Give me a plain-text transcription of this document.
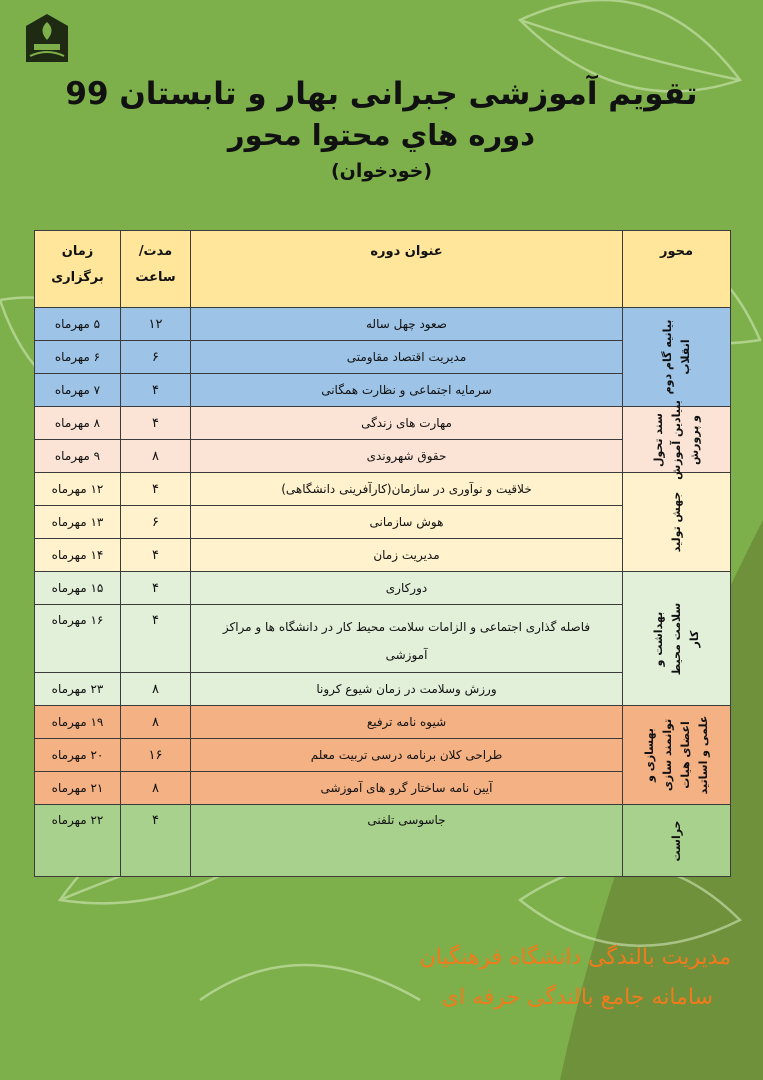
تقویم آموزشی جبرانی بهار و تابستان 99
دوره هاي محتوا محور
(خودخوان)
محور	عنوان دوره	مدت/ ساعت	زمان برگزاری
بیانیه گام دوم انقلاب	صعود چهل ساله	۱۲	۵ مهرماه
	مدیریت اقتصاد مقاومتی	۶	۶ مهرماه
	سرمایه اجتماعی و نظارت همگانی	۴	۷ مهرماه
سند تحول بنیادین آموزش و پرورش	مهارت های زندگی	۴	۸ مهرماه
	حقوق شهروندی	۸	۹ مهرماه
جهش تولید	خلاقیت و نوآوری در سازمان(کارآفرینی دانشگاهی)	۴	۱۲ مهرماه
	هوش سازمانی	۶	۱۳ مهرماه
	مدیریت زمان	۴	۱۴ مهرماه
بهداشت و سلامت محیط کار	دورکاری	۴	۱۵ مهرماه
	فاصله گذاری اجتماعی و الزامات سلامت محیط کار در دانشگاه ها و مراکز آموزشی	۴	۱۶ مهرماه
	ورزش وسلامت در زمان شیوع کرونا	۸	۲۳ مهرماه
بهسازی و توانمند سازی اعضای هیات علمی و اساتید	شیوه نامه ترفیع	۸	۱۹ مهرماه
	طراحی کلان برنامه درسی تربیت معلم	۱۶	۲۰ مهرماه
	آیین نامه ساختار گرو های آموزشی	۸	۲۱ مهرماه
حراست	جاسوسی تلفنی	۴	۲۲ مهرماه
مدیریت بالندگی دانشگاه فرهنگیان
سامانه جامع بالندگی حرفه ای
